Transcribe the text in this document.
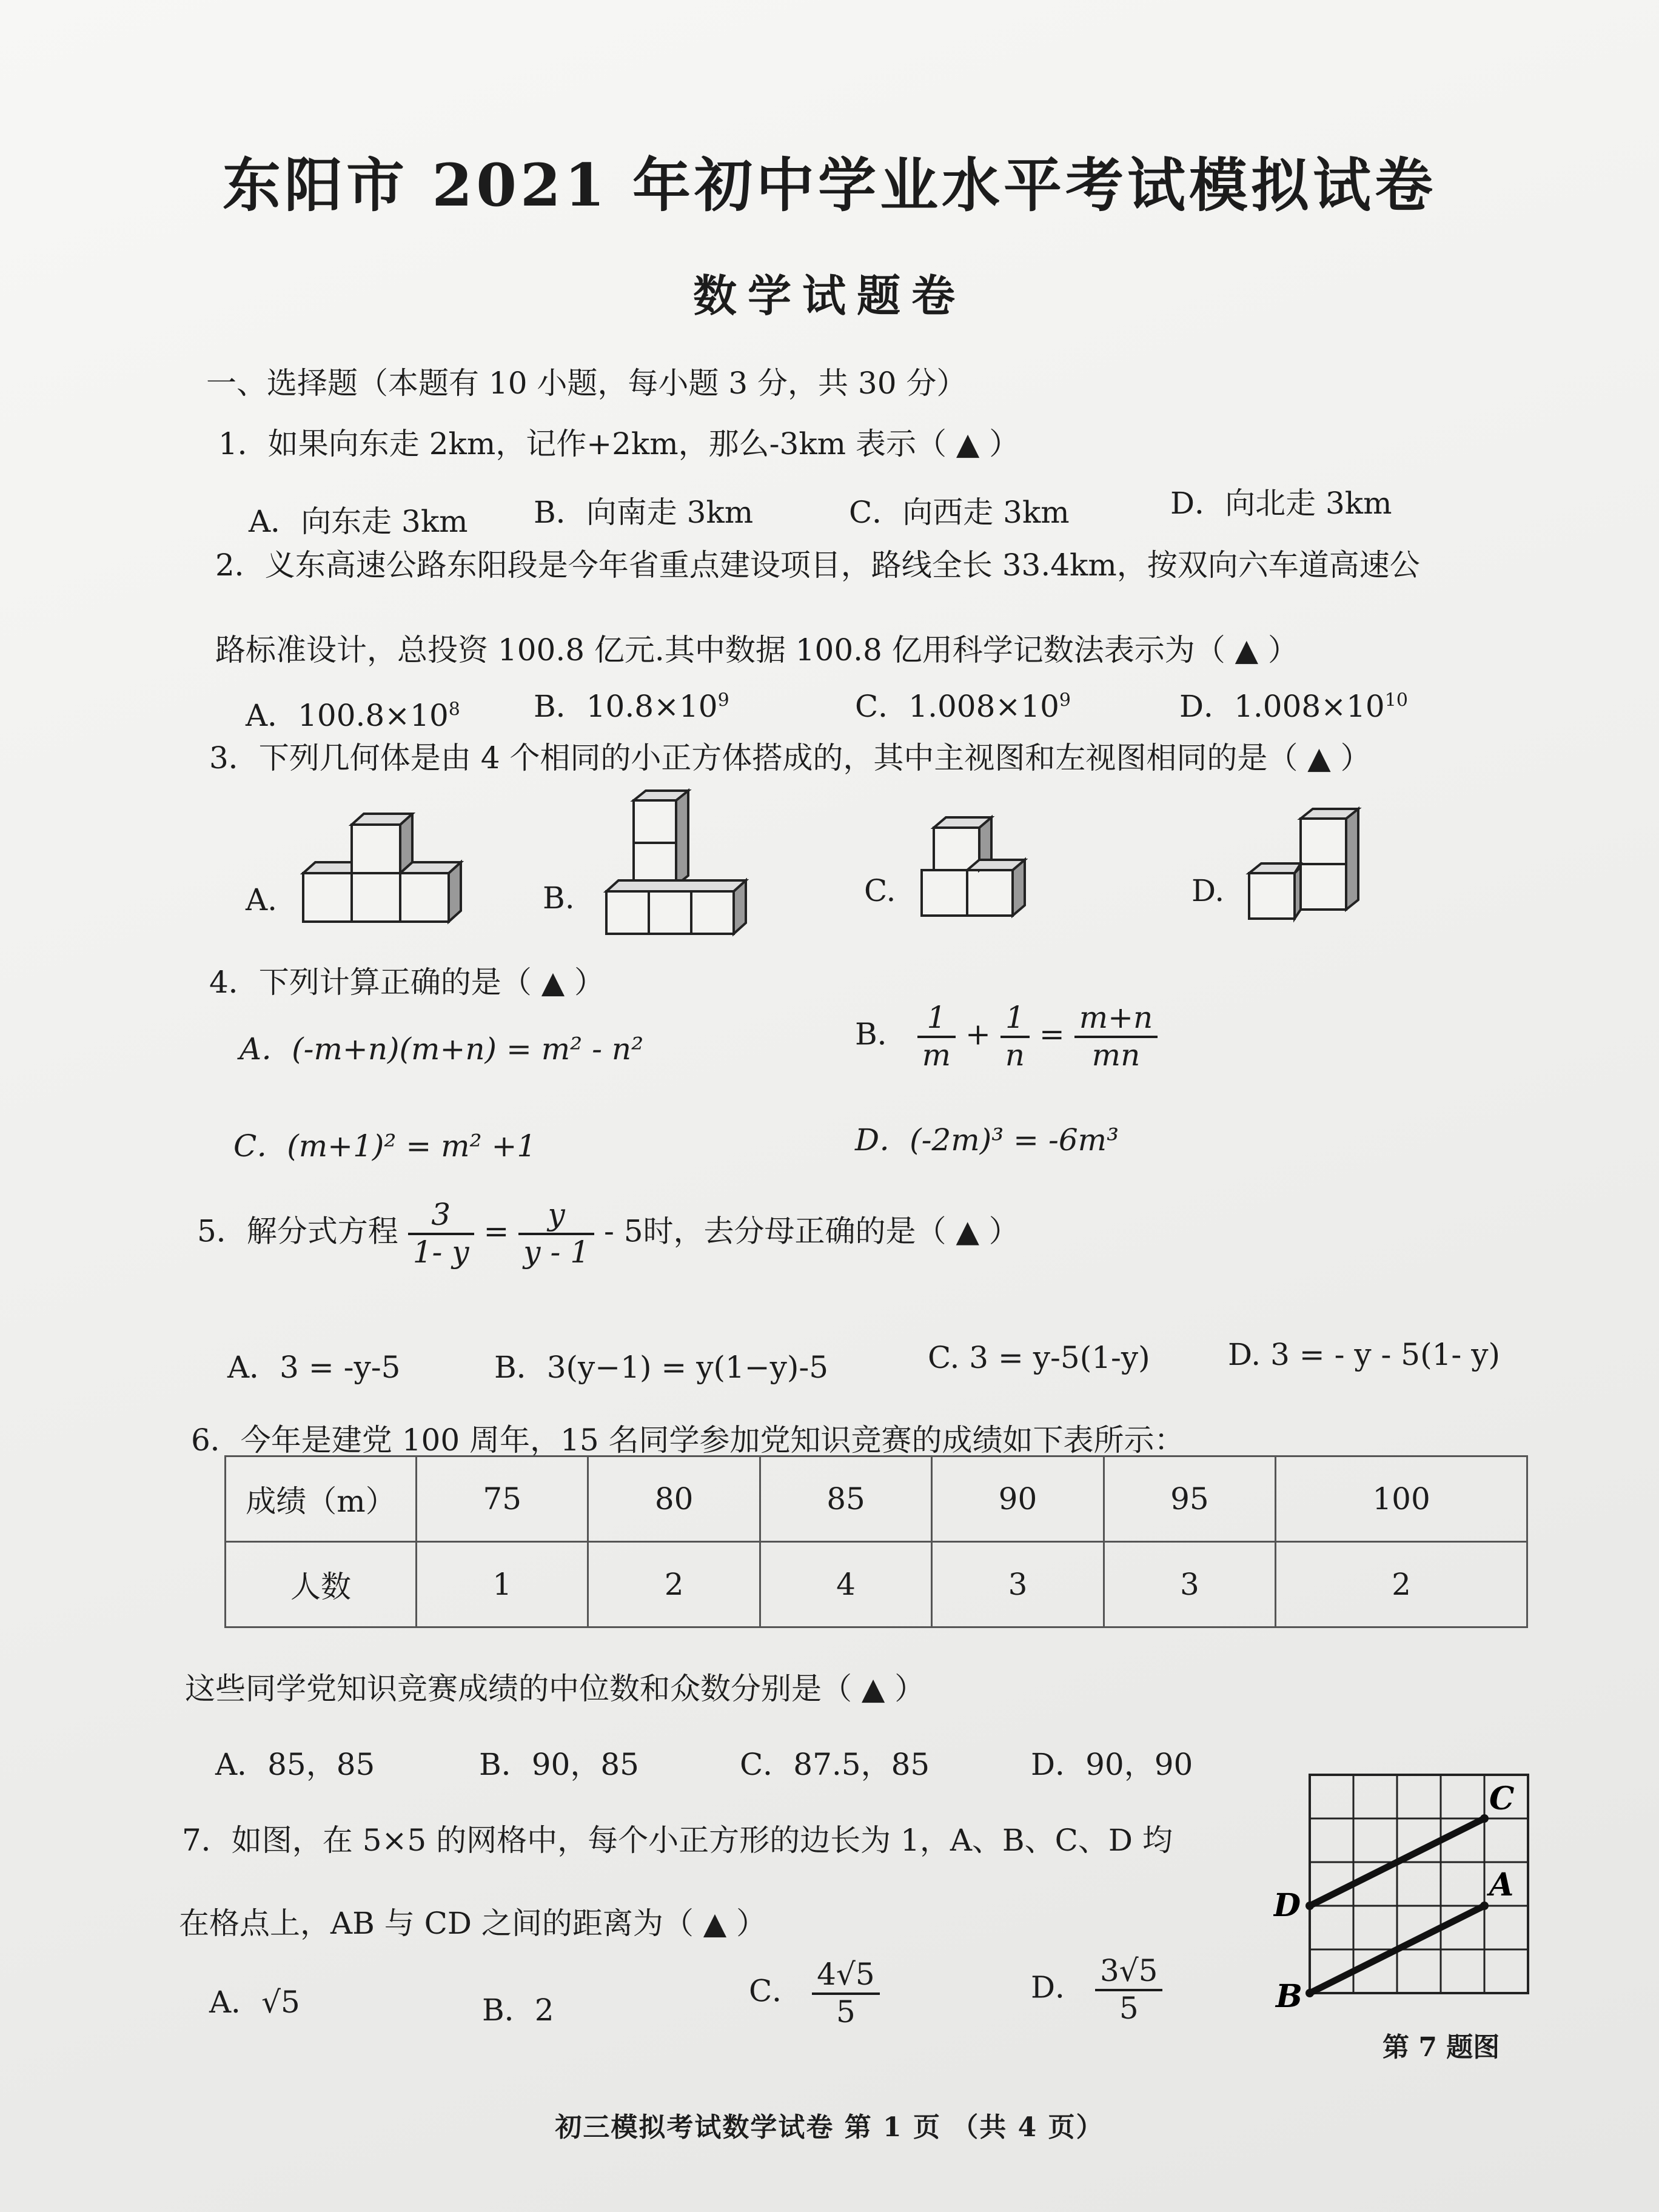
东阳市 2021 年初中学业水平考试模拟试卷
数学试题卷
一、选择题（本题有 10 小题，每小题 3 分，共 30 分）
1．如果向东走 2km，记作+2km，那么-3km 表示（ ▲ ）
A．向东走 3km B．向南走 3km	C．向西走 3km	D．向北走 3km
2．义东高速公路东阳段是今年省重点建设项目，路线全长 33.4km，按双向六车道高速公
路标准设计，总投资 100.8 亿元.其中数据 100.8 亿用科学记数法表示为（ ▲ ）
A．$100.8\times 10^8$ B．$10.8\times 10^9$	C．$1.008\times 10^9$	D．$1.008\times 10^{10}$
3．下列几何体是由 4 个相同的小正方体搭成的，其中主视图和左视图相同的是（ ▲ ）
A.	B.	C.	D.
4．下列计算正确的是（ ▲ ）
A．(-m+n)(m+n) = m² - n²	B． $\frac{1}{m} + \frac{1}{n} = \frac{m+n}{mn}$
C．(m+1)² = m² +1	D．(-2m)³ = -6m³
5．解分式方程 $\frac{3}{1- y} = \frac{y}{y - 1} - 5$时，去分母正确的是（ ▲ ）
A．3 = -y-5	B．3(y−1) = y(1−y)-5	C. 3 = y-5(1-y)	D. 3 = - y - 5(1- y)
6．今年是建党 100 周年，15 名同学参加党知识竞赛的成绩如下表所示：
成绩（m）	75	80	85	90	95	100
人数	1	2	4	3	3	2
这些同学党知识竞赛成绩的中位数和众数分别是（ ▲ ）
A．85，85	B．90，85	C．87.5，85	D．90，90
7．如图，在 5×5 的网格中，每个小正方形的边长为 1，A、B、C、D 均
在格点上，AB 与 CD 之间的距离为（ ▲ ）
A．√5	B．2
C． $\frac{4√5}{5}$	D． $\frac{3√5}{5}$
C
A
D
B
第 7 题图
初三模拟考试数学试卷 第 1 页 （共 4 页）
